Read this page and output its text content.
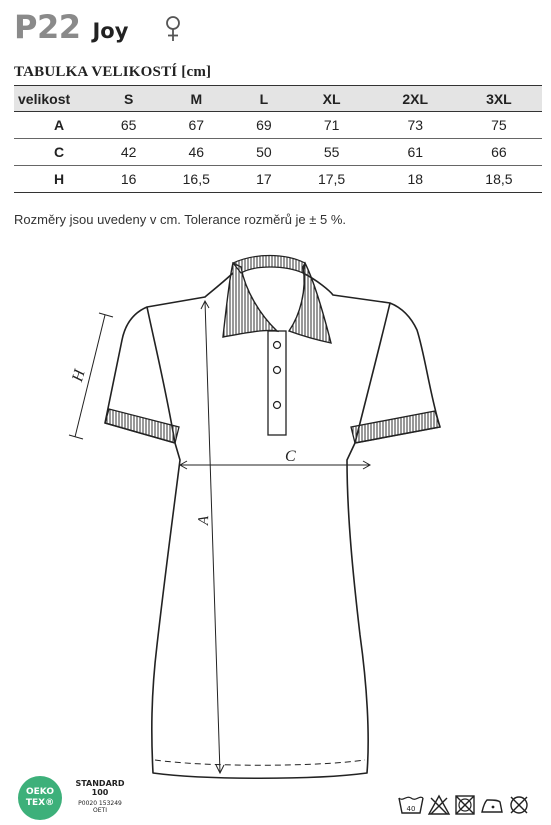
P22 Joy
TABULKA VELIKOSTÍ [cm]
velikost	S	M	L	XL	2XL	3XL
A	65	67	69	71	73	75
C	42	46	50	55	61	66
H	16	16,5	17	17,5	18	18,5
Rozměry jsou uvedeny v cm. Tolerance rozměrů je ± 5 %.
H
C
A
OEKO
TEX®
STANDARD
100
P0020 153249
OETI	40
